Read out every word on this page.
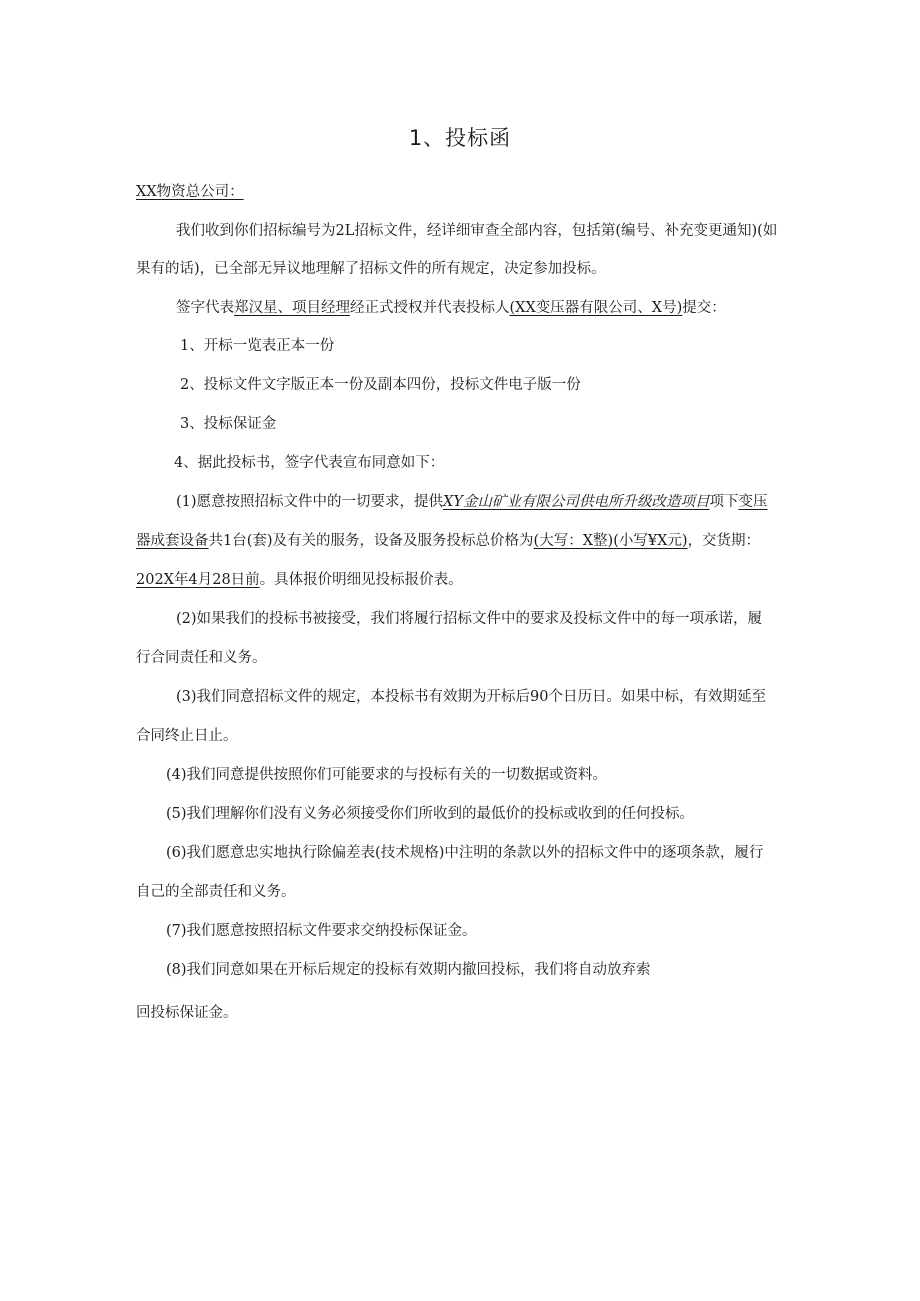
1、投标函
XX物资总公司：
我们收到你们招标编号为2L招标文件，经详细审查全部内容，包括第(编号、补充变更通知)(如
果有的话)，已全部无异议地理解了招标文件的所有规定，决定参加投标。
签字代表郑汉星、项目经理经正式授权并代表投标人(XX变压器有限公司、X号)提交：
1、开标一览表正本一份
2、投标文件文字版正本一份及副本四份，投标文件电子版一份
3、投标保证金
4、据此投标书，签字代表宣布同意如下：
(1)愿意按照招标文件中的一切要求，提供XY金山矿业有限公司供电所升级改造项目项下变压
器成套设备共1台(套)及有关的服务，设备及服务投标总价格为(大写：X整)(小写¥X元)，交货期：
202X年4月28日前。具体报价明细见投标报价表。
(2)如果我们的投标书被接受，我们将履行招标文件中的要求及投标文件中的每一项承诺，履
行合同责任和义务。
(3)我们同意招标文件的规定，本投标书有效期为开标后90个日历日。如果中标，有效期延至
合同终止日止。
(4)我们同意提供按照你们可能要求的与投标有关的一切数据或资料。
(5)我们理解你们没有义务必须接受你们所收到的最低价的投标或收到的任何投标。
(6)我们愿意忠实地执行除偏差表(技术规格)中注明的条款以外的招标文件中的逐项条款，履行
自己的全部责任和义务。
(7)我们愿意按照招标文件要求交纳投标保证金。
(8)我们同意如果在开标后规定的投标有效期内撤回投标，我们将自动放弃索
回投标保证金。
